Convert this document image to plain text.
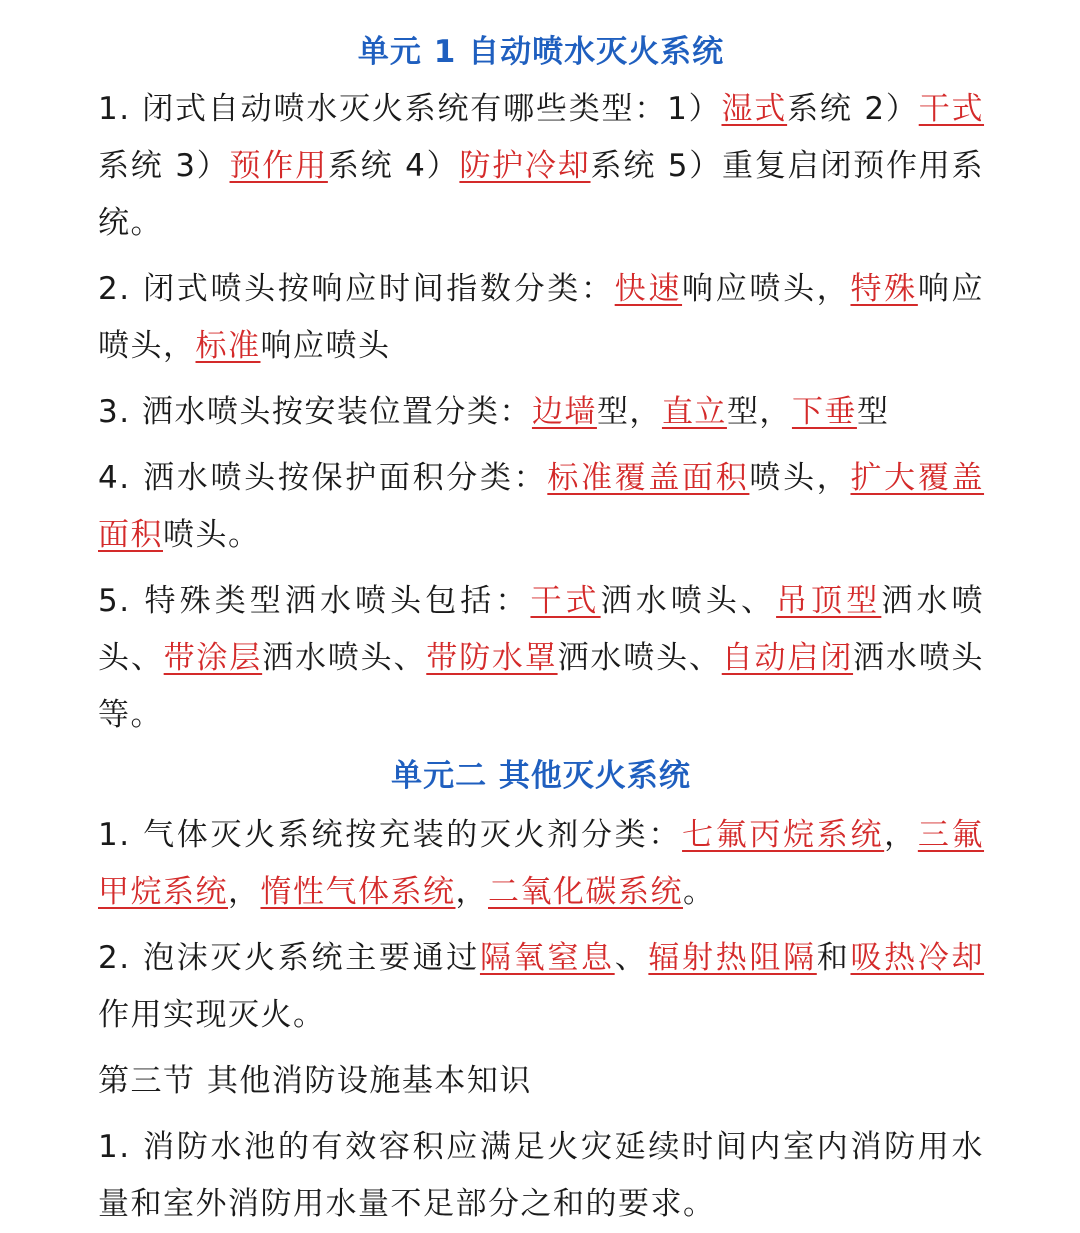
单元 1 自动喷水灭火系统

1. 闭式自动喷水灭火系统有哪些类型：1）湿式系统 2）干式系统 3）预作用系统 4）防护冷却系统 5）重复启闭预作用系统。

2. 闭式喷头按响应时间指数分类：快速响应喷头，特殊响应喷头，标准响应喷头

3. 洒水喷头按安装位置分类：边墙型，直立型，下垂型

4. 洒水喷头按保护面积分类：标准覆盖面积喷头，扩大覆盖面积喷头。

5. 特殊类型洒水喷头包括：干式洒水喷头、吊顶型洒水喷头、带涂层洒水喷头、带防水罩洒水喷头、自动启闭洒水喷头等。

单元二 其他灭火系统

1. 气体灭火系统按充装的灭火剂分类：七氟丙烷系统，三氟甲烷系统，惰性气体系统，二氧化碳系统。

2. 泡沫灭火系统主要通过隔氧窒息、辐射热阻隔和吸热冷却作用实现灭火。

第三节 其他消防设施基本知识

1. 消防水池的有效容积应满足火灾延续时间内室内消防用水量和室外消防用水量不足部分之和的要求。
